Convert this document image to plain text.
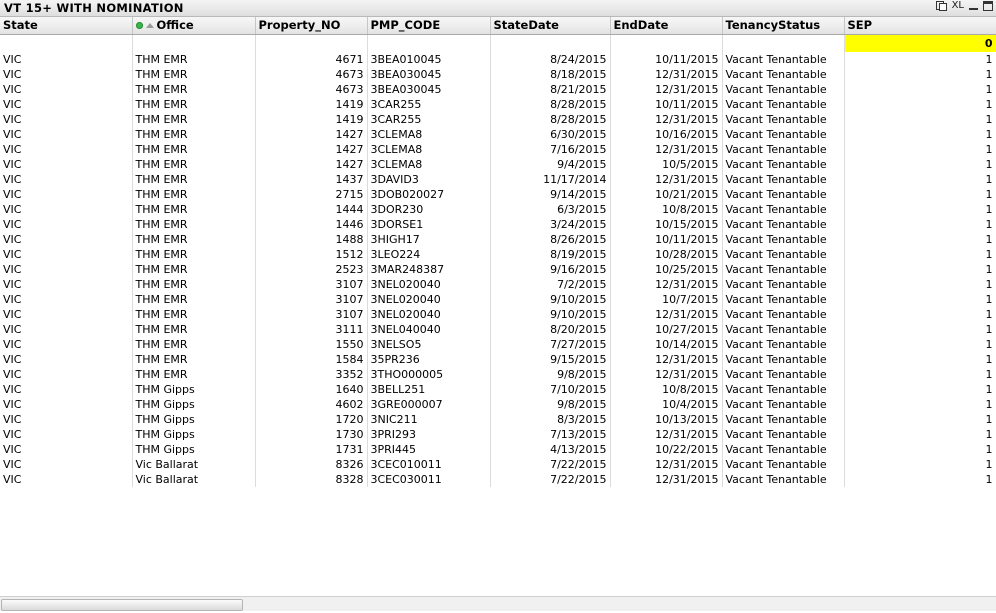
VT 15+ WITH NOMINATION	XL
State	Office	Property_NO	PMP_CODE	StateDate	EndDate	TenancyStatus	SEP

							0
VIC	THM EMR	4671	3BEA010045	8/24/2015	10/11/2015	Vacant Tenantable	1
VIC	THM EMR	4673	3BEA030045	8/18/2015	12/31/2015	Vacant Tenantable	1
VIC	THM EMR	4673	3BEA030045	8/21/2015	12/31/2015	Vacant Tenantable	1
VIC	THM EMR	1419	3CAR255	8/28/2015	10/11/2015	Vacant Tenantable	1
VIC	THM EMR	1419	3CAR255	8/28/2015	12/31/2015	Vacant Tenantable	1
VIC	THM EMR	1427	3CLEMA8	6/30/2015	10/16/2015	Vacant Tenantable	1
VIC	THM EMR	1427	3CLEMA8	7/16/2015	12/31/2015	Vacant Tenantable	1
VIC	THM EMR	1427	3CLEMA8	9/4/2015	10/5/2015	Vacant Tenantable	1
VIC	THM EMR	1437	3DAVID3	11/17/2014	12/31/2015	Vacant Tenantable	1
VIC	THM EMR	2715	3DOB020027	9/14/2015	10/21/2015	Vacant Tenantable	1
VIC	THM EMR	1444	3DOR230	6/3/2015	10/8/2015	Vacant Tenantable	1
VIC	THM EMR	1446	3DORSE1	3/24/2015	10/15/2015	Vacant Tenantable	1
VIC	THM EMR	1488	3HIGH17	8/26/2015	10/11/2015	Vacant Tenantable	1
VIC	THM EMR	1512	3LEO224	8/19/2015	10/28/2015	Vacant Tenantable	1
VIC	THM EMR	2523	3MAR248387	9/16/2015	10/25/2015	Vacant Tenantable	1
VIC	THM EMR	3107	3NEL020040	7/2/2015	12/31/2015	Vacant Tenantable	1
VIC	THM EMR	3107	3NEL020040	9/10/2015	10/7/2015	Vacant Tenantable	1
VIC	THM EMR	3107	3NEL020040	9/10/2015	12/31/2015	Vacant Tenantable	1
VIC	THM EMR	3111	3NEL040040	8/20/2015	10/27/2015	Vacant Tenantable	1
VIC	THM EMR	1550	3NELSO5	7/27/2015	10/14/2015	Vacant Tenantable	1
VIC	THM EMR	1584	35PR236	9/15/2015	12/31/2015	Vacant Tenantable	1
VIC	THM EMR	3352	3THO000005	9/8/2015	12/31/2015	Vacant Tenantable	1
VIC	THM Gipps	1640	3BELL251	7/10/2015	10/8/2015	Vacant Tenantable	1
VIC	THM Gipps	4602	3GRE000007	9/8/2015	10/4/2015	Vacant Tenantable	1
VIC	THM Gipps	1720	3NIC211	8/3/2015	10/13/2015	Vacant Tenantable	1
VIC	THM Gipps	1730	3PRI293	7/13/2015	12/31/2015	Vacant Tenantable	1
VIC	THM Gipps	1731	3PRI445	4/13/2015	10/22/2015	Vacant Tenantable	1
VIC	Vic Ballarat	8326	3CEC010011	7/22/2015	12/31/2015	Vacant Tenantable	1
VIC	Vic Ballarat	8328	3CEC030011	7/22/2015	12/31/2015	Vacant Tenantable	1
